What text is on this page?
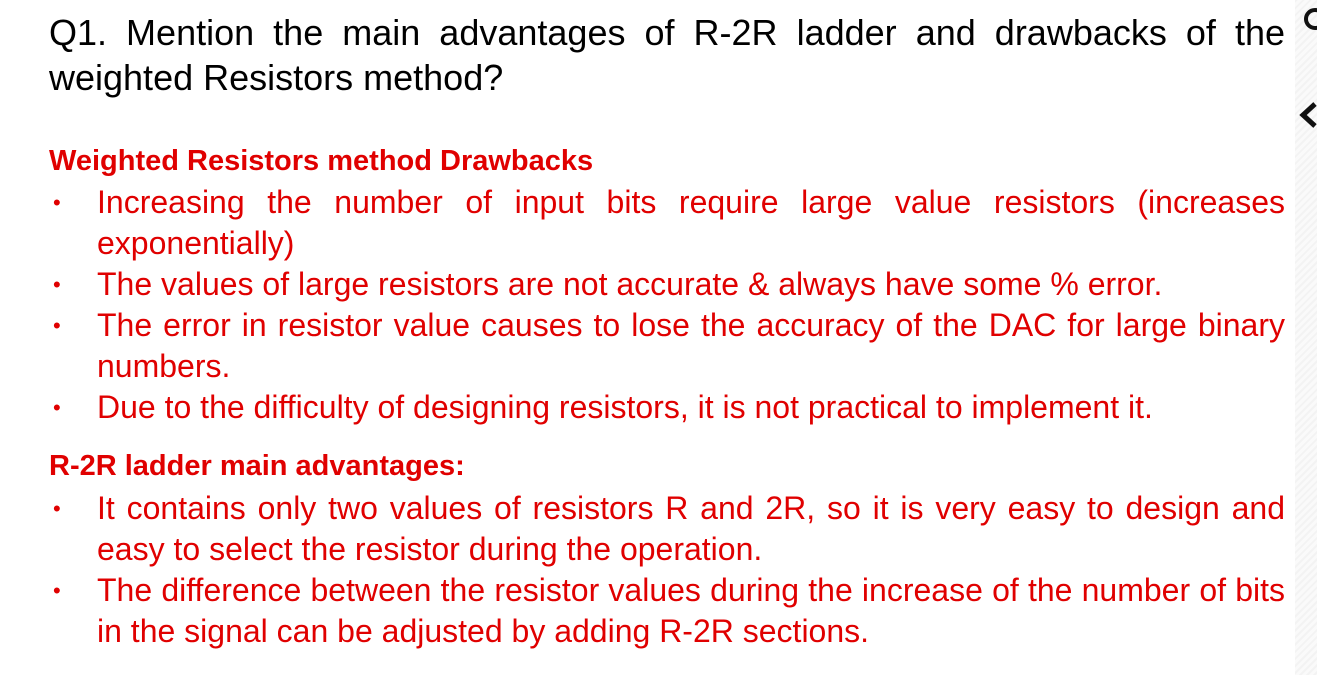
Q1. Mention the main advantages of R-2R ladder and drawbacks of the weighted Resistors method?

Weighted Resistors method Drawbacks
• Increasing the number of input bits require large value resistors (increases exponentially)
• The values of large resistors are not accurate & always have some % error.
• The error in resistor value causes to lose the accuracy of the DAC for large binary numbers.
• Due to the difficulty of designing resistors, it is not practical to implement it.
R-2R ladder main advantages:
• It contains only two values of resistors R and 2R, so it is very easy to design and easy to select the resistor during the operation.
• The difference between the resistor values during the increase of the number of bits in the signal can be adjusted by adding R-2R sections.
